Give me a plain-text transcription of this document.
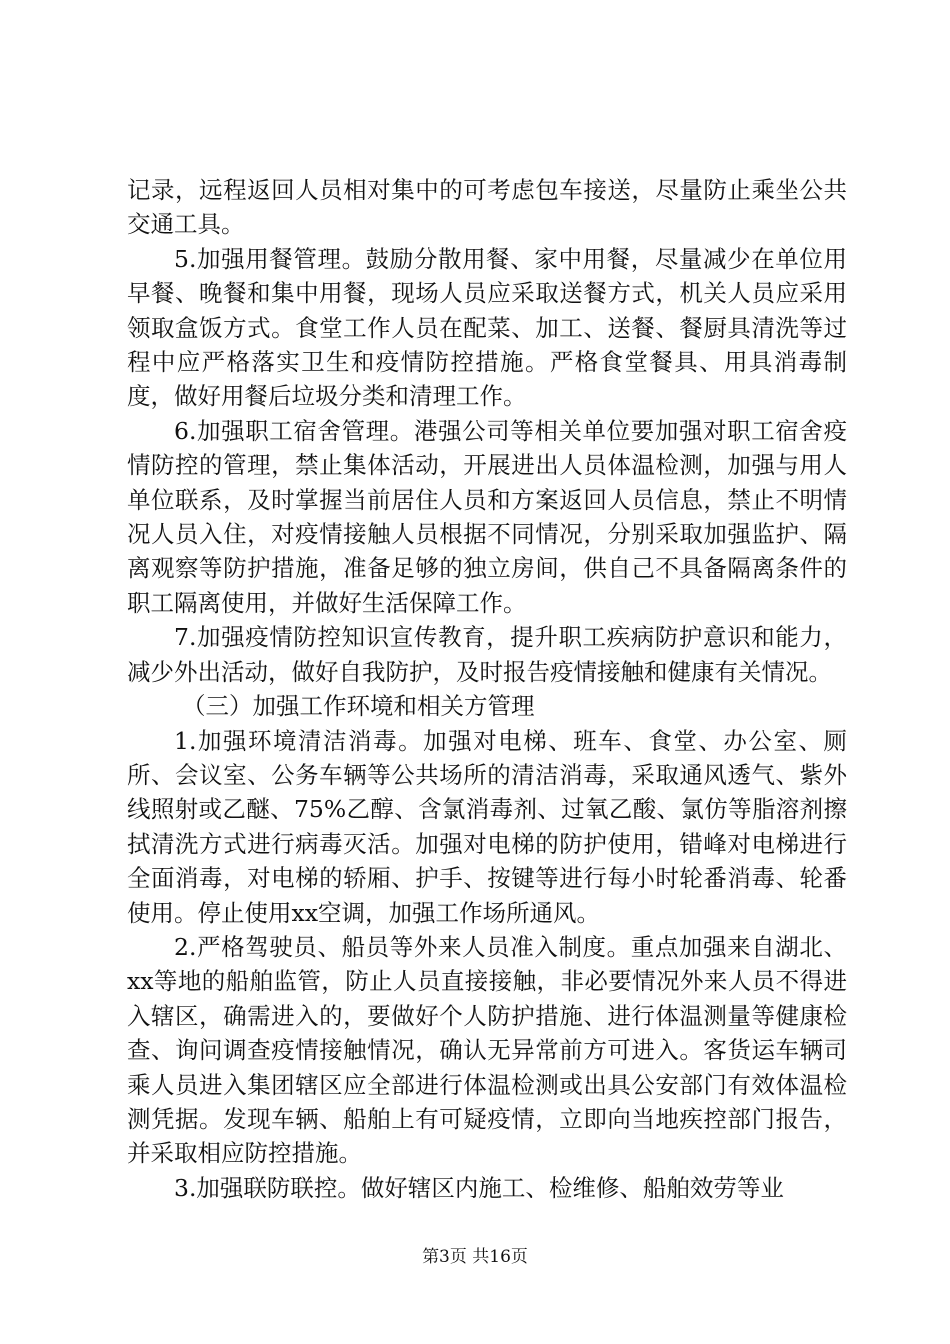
记录，远程返回人员相对集中的可考虑包车接送，尽量防止乘坐公共交通工具。

5.加强用餐管理。鼓励分散用餐、家中用餐，尽量减少在单位用早餐、晚餐和集中用餐，现场人员应采取送餐方式，机关人员应采用领取盒饭方式。食堂工作人员在配菜、加工、送餐、餐厨具清洗等过程中应严格落实卫生和疫情防控措施。严格食堂餐具、用具消毒制度，做好用餐后垃圾分类和清理工作。

6.加强职工宿舍管理。港强公司等相关单位要加强对职工宿舍疫情防控的管理，禁止集体活动，开展进出人员体温检测，加强与用人单位联系，及时掌握当前居住人员和方案返回人员信息，禁止不明情况人员入住，对疫情接触人员根据不同情况，分别采取加强监护、隔离观察等防护措施，准备足够的独立房间，供自己不具备隔离条件的职工隔离使用，并做好生活保障工作。

7.加强疫情防控知识宣传教育，提升职工疾病防护意识和能力，减少外出活动，做好自我防护，及时报告疫情接触和健康有关情况。

（三）加强工作环境和相关方管理

1.加强环境清洁消毒。加强对电梯、班车、食堂、办公室、厕所、会议室、公务车辆等公共场所的清洁消毒，采取通风透气、紫外线照射或乙醚、75%乙醇、含氯消毒剂、过氧乙酸、氯仿等脂溶剂擦拭清洗方式进行病毒灭活。加强对电梯的防护使用，错峰对电梯进行全面消毒，对电梯的轿厢、护手、按键等进行每小时轮番消毒、轮番使用。停止使用xx空调，加强工作场所通风。

2.严格驾驶员、船员等外来人员准入制度。重点加强来自湖北、xx等地的船舶监管，防止人员直接接触，非必要情况外来人员不得进入辖区，确需进入的，要做好个人防护措施、进行体温测量等健康检查、询问调查疫情接触情况，确认无异常前方可进入。客货运车辆司乘人员进入集团辖区应全部进行体温检测或出具公安部门有效体温检测凭据。发现车辆、船舶上有可疑疫情，立即向当地疾控部门报告，并采取相应防控措施。

3.加强联防联控。做好辖区内施工、检维修、船舶效劳等业

第3页 共16页
